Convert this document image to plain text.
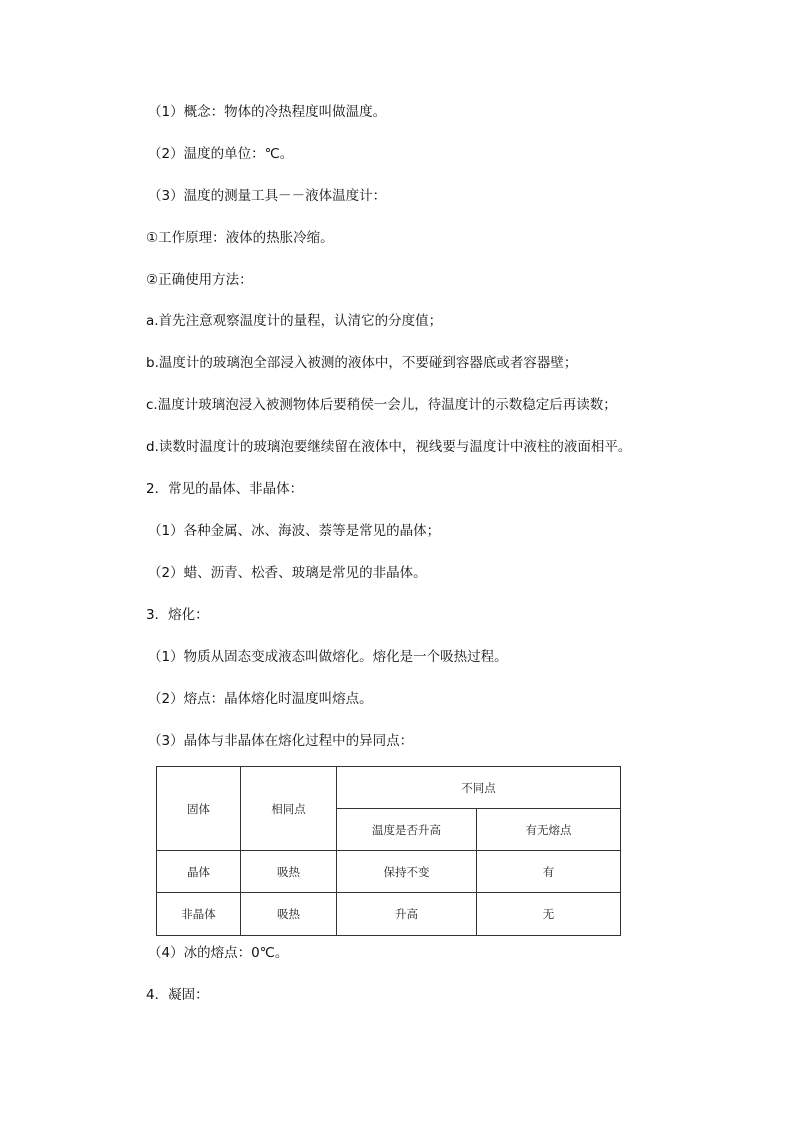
（1）概念：物体的冷热程度叫做温度。
（2）温度的单位：℃。
（3）温度的测量工具－－液体温度计：
①工作原理：液体的热胀冷缩。
②正确使用方法：
a.首先注意观察温度计的量程，认清它的分度值；
b.温度计的玻璃泡全部浸入被测的液体中，不要碰到容器底或者容器壁；
c.温度计玻璃泡浸入被测物体后要稍侯一会儿，待温度计的示数稳定后再读数；
d.读数时温度计的玻璃泡要继续留在液体中，视线要与温度计中液柱的液面相平。
2．常见的晶体、非晶体：
（1）各种金属、冰、海波、萘等是常见的晶体；
（2）蜡、沥青、松香、玻璃是常见的非晶体。
3．熔化：
（1）物质从固态变成液态叫做熔化。熔化是一个吸热过程。
（2）熔点：晶体熔化时温度叫熔点。
（3）晶体与非晶体在熔化过程中的异同点：
固体	相同点	不同点	
		温度是否升高	有无熔点
晶体	吸热	保持不变	有
非晶体	吸热	升高	无
（4）冰的熔点：0℃。
4．凝固：
